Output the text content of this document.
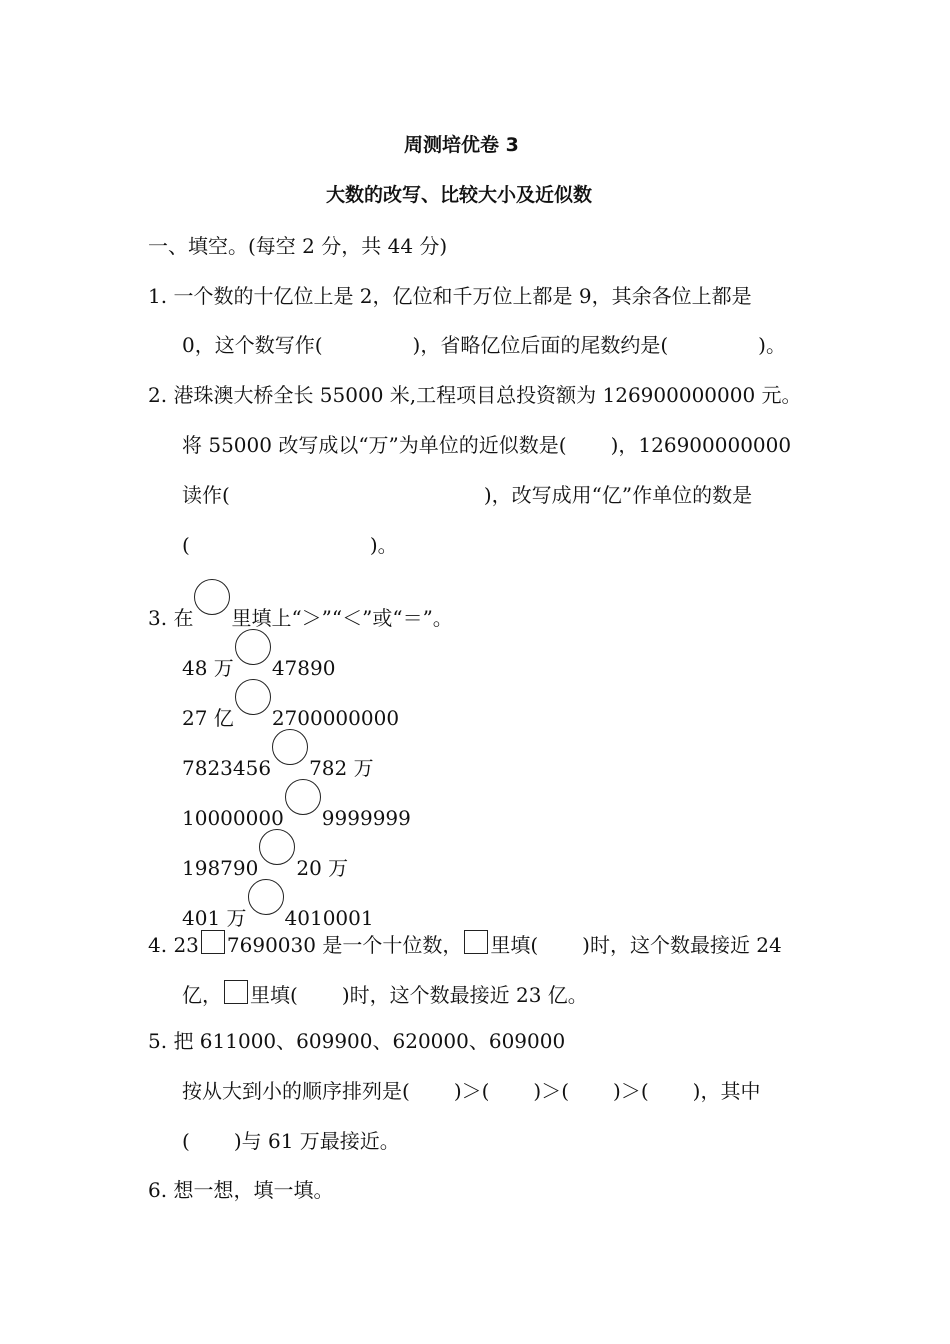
周测培优卷 3
大数的改写、比较大小及近似数
一、填空。(每空 2 分，共 44 分)
1. 一个数的十亿位上是 2，亿位和千万位上都是 9，其余各位上都是
0，这个数写作(	)，省略亿位后面的尾数约是(	)。
2. 港珠澳大桥全长 55000 米,工程项目总投资额为 126900000000 元。
将 55000 改写成以“万”为单位的近似数是( )，126900000000
读作(	)，改写成用“亿”作单位的数是
(	)。
3. 在 里填上“＞”“＜”或“＝”。
48 万 47890
27 亿 2700000000
7823456 782 万
10000000 9999999
198790 20 万
401 万 4010001
4. 23 7690030 是一个十位数， 里填( )时，这个数最接近 24
亿， 里填( )时，这个数最接近 23 亿。
5. 把 611000、609900、620000、609000
按从大到小的顺序排列是( )＞( )＞( )＞( )，其中
( )与 61 万最接近。
6. 想一想，填一填。
